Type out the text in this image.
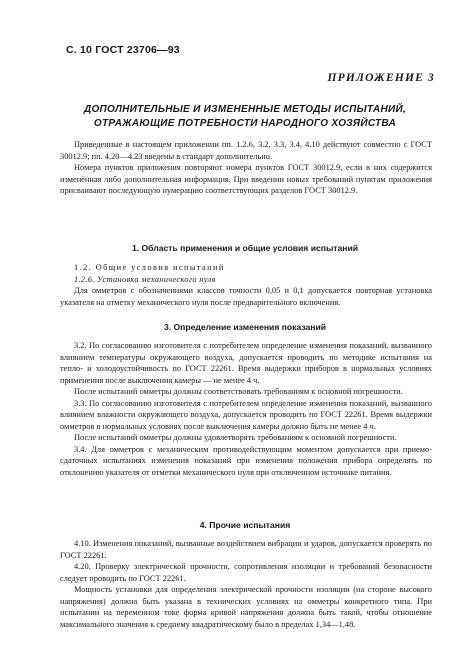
С. 10 ГОСТ 23706—93
ПРИЛОЖЕНИЕ 3
ДОПОЛНИТЕЛЬНЫЕ И ИЗМЕНЕННЫЕ МЕТОДЫ ИСПЫТАНИЙ, ОТРАЖАЮЩИЕ ПОТРЕБНОСТИ НАРОДНОГО ХОЗЯЙСТВА

Приведенные в настоящем приложении пп. 1.2.6, 3.2, 3.3, 3.4, 4.10 действуют совместно с ГОСТ 30012.9; пп. 4.20—4.23 введены в стандарт дополнительно.

Номера пунктов приложения повторяют номера пунктов ГОСТ 30012.9, если в них содержится изменённая либо дополнительная информация. При введении новых требований пунктам приложения присваивают последующую нумерацию соответствующих разделов ГОСТ 30012.9.

1. Область применения и общие условия испытаний

1.2. Общие условия испытаний

1.2.6. Установка механического нуля

Для омметров с обозначениями классов точности 0,05 и 0,1 допускается повторная установка указателя на отметку механического нуля после предварительного включения.

3. Определение изменения показаний

3.2. По согласованию изготовителя с потребителем определение изменения показаний, вызванного влиянием температуры окружающего воздуха, допускается проводить по методике испытания на тепло- и холодоустойчивость по ГОСТ 22261. Время выдержки приборов в нормальных условиях применения после выключения камеры — не менее 4 ч.

После испытаний омметры должны соответствовать требованиям к основной погрешности.

3.3. По согласованию изготовителя с потребителем определение изменения показаний, вызванного влиянием влажности окружающего воздуха, допускается проводить по ГОСТ 22261. Время выдержки омметров в нормальных условиях после выключения камеры должно быть не менее 4 ч.

После испытаний омметры должны удовлетворять требованиям к основной погрешности.

3.4. Для омметров с механическим противодействующим моментом допускается при приемо-сдаточных испытаниях изменения показаний при изменения положения прибора определять по отклонению указателя от отметки механического нуля при отключенном источнике питания.

4. Прочие испытания

4.10. Изменения показаний, вызванные воздействием вибрации и ударов, допускается проверять по ГОСТ 22261.

4.20. Проверку электрической прочности, сопротивления изоляции и требований безопасности следует проводить по ГОСТ 22261.

Мощность установки для определения электрической прочности изоляции (на стороне высокого напряжения) должна быть указана в технических условиях на омметры конкретного типа. При испытании на переменном токе форма кривой напряжения должна быть такой, чтобы отношение максимального значения к среднему квадратическому было в пределах 1,34—1,48.
